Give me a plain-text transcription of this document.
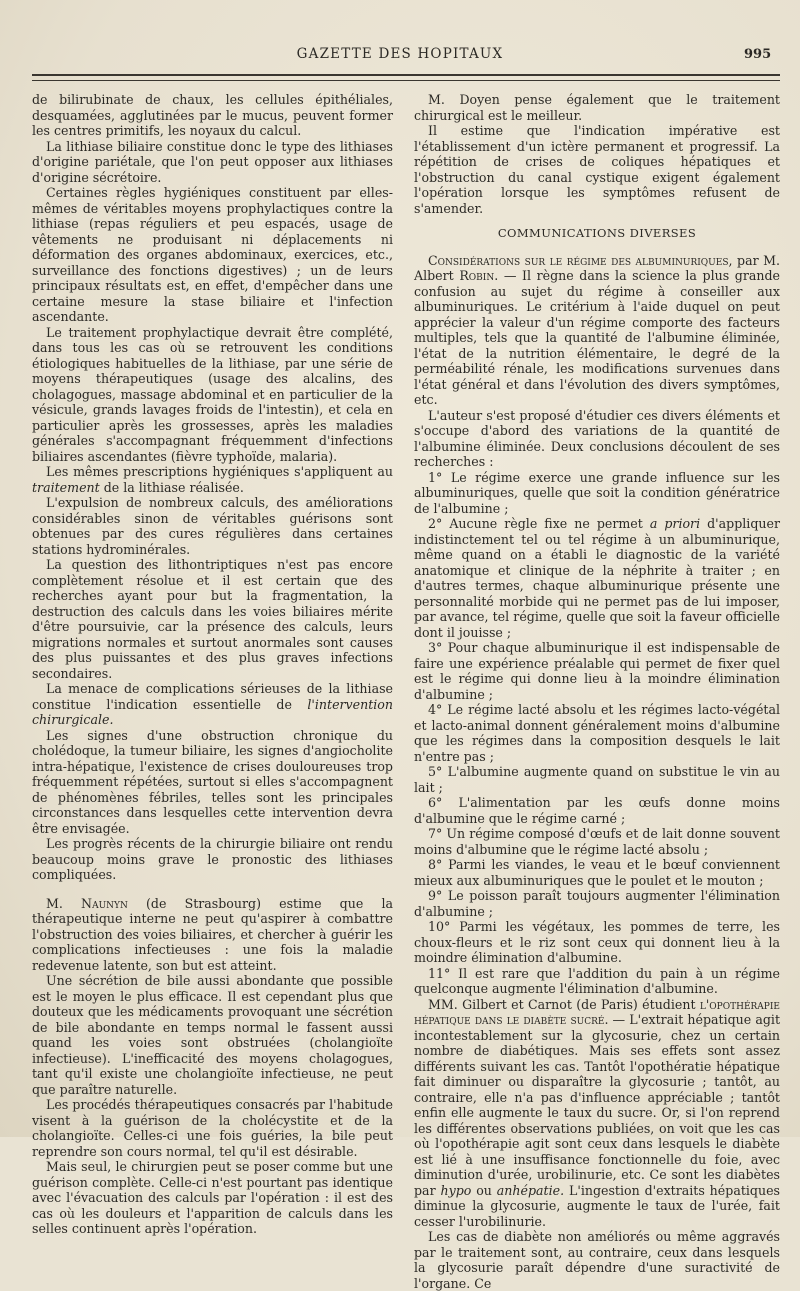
GAZETTE DES HOPITAUX	995

de bilirubinate de chaux, les cellules épithéliales, desquamées, agglutinées par le mucus, peuvent former les centres primitifs, les noyaux du calcul.

La lithiase biliaire constitue donc le type des lithiases d'origine pariétale, que l'on peut opposer aux lithiases d'origine sécrétoire.

Certaines règles hygiéniques constituent par elles-mêmes de véritables moyens prophylactiques contre la lithiase (repas réguliers et peu espacés, usage de vêtements ne produisant ni déplacements ni déformation des organes abdominaux, exercices, etc., surveillance des fonctions digestives) ; un de leurs principaux résultats est, en effet, d'empêcher dans une certaine mesure la stase biliaire et l'infection ascendante.

Le traitement prophylactique devrait être complété, dans tous les cas où se retrouvent les conditions étiologiques habituelles de la lithiase, par une série de moyens thérapeutiques (usage des alcalins, des cholagogues, massage abdominal et en particulier de la vésicule, grands lavages froids de l'intestin), et cela en particulier après les grossesses, après les maladies générales s'accompagnant fréquemment d'infections biliaires ascendantes (fièvre typhoïde, malaria).

Les mêmes prescriptions hygiéniques s'appliquent au traitement de la lithiase réalisée.

L'expulsion de nombreux calculs, des améliorations considérables sinon de véritables guérisons sont obtenues par des cures régulières dans certaines stations hydrominérales.

La question des lithontriptiques n'est pas encore complètement résolue et il est certain que des recherches ayant pour but la fragmentation, la destruction des calculs dans les voies biliaires mérite d'être poursuivie, car la présence des calculs, leurs migrations normales et surtout anormales sont causes des plus puissantes et des plus graves infections secondaires.

La menace de complications sérieuses de la lithiase constitue l'indication essentielle de l'intervention chirurgicale.

Les signes d'une obstruction chronique du cholédoque, la tumeur biliaire, les signes d'angiocholite intra-hépatique, l'existence de crises douloureuses trop fréquemment répétées, surtout si elles s'accompagnent de phénomènes fébriles, telles sont les principales circonstances dans lesquelles cette intervention devra être envisagée.

Les progrès récents de la chirurgie biliaire ont rendu beaucoup moins grave le pronostic des lithiases compliquées.

M. Naunyn (de Strasbourg) estime que la thérapeutique interne ne peut qu'aspirer à combattre l'obstruction des voies biliaires, et chercher à guérir les complications infectieuses : une fois la maladie redevenue latente, son but est atteint.

Une sécrétion de bile aussi abondante que possible est le moyen le plus efficace. Il est cependant plus que douteux que les médicaments provoquant une sécrétion de bile abondante en temps normal le fassent aussi quand les voies sont obstruées (cholangioïte infectieuse). L'inefficacité des moyens cholagogues, tant qu'il existe une cholangioïte infectieuse, ne peut que paraître naturelle.

Les procédés thérapeutiques consacrés par l'habitude visent à la guérison de la cholécystite et de la cholangioïte. Celles-ci une fois guéries, la bile peut reprendre son cours normal, tel qu'il est désirable.

Mais seul, le chirurgien peut se poser comme but une guérison complète. Celle-ci n'est pourtant pas identique avec l'évacuation des calculs par l'opération : il est des cas où les douleurs et l'apparition de calculs dans les selles continuent après l'opération.

M. Doyen pense également que le traitement chirurgical est le meilleur.

Il estime que l'indication impérative est l'établissement d'un ictère permanent et progressif. La répétition de crises de coliques hépatiques et l'obstruction du canal cystique exigent également l'opération lorsque les symptômes refusent de s'amender.

COMMUNICATIONS DIVERSES

Considérations sur le régime des albuminuriques, par M. Albert Robin. — Il règne dans la science la plus grande confusion au sujet du régime à conseiller aux albuminuriques. Le critérium à l'aide duquel on peut apprécier la valeur d'un régime comporte des facteurs multiples, tels que la quantité de l'albumine éliminée, l'état de la nutrition élémentaire, le degré de la perméabilité rénale, les modifications survenues dans l'état général et dans l'évolution des divers symptômes, etc.

L'auteur s'est proposé d'étudier ces divers éléments et s'occupe d'abord des variations de la quantité de l'albumine éliminée. Deux conclusions découlent de ses recherches :

1° Le régime exerce une grande influence sur les albuminuriques, quelle que soit la condition génératrice de l'albumine ;

2° Aucune règle fixe ne permet a priori d'appliquer indistinctement tel ou tel régime à un albuminurique, même quand on a établi le diagnostic de la variété anatomique et clinique de la néphrite à traiter ; en d'autres termes, chaque albuminurique présente une personnalité morbide qui ne permet pas de lui imposer, par avance, tel régime, quelle que soit la faveur officielle dont il jouisse ;

3° Pour chaque albuminurique il est indispensable de faire une expérience préalable qui permet de fixer quel est le régime qui donne lieu à la moindre élimination d'albumine ;

4° Le régime lacté absolu et les régimes lacto-végétal et lacto-animal donnent généralement moins d'albumine que les régimes dans la composition desquels le lait n'entre pas ;

5° L'albumine augmente quand on substitue le vin au lait ;

6° L'alimentation par les œufs donne moins d'albumine que le régime carné ;

7° Un régime composé d'œufs et de lait donne souvent moins d'albumine que le régime lacté absolu ;

8° Parmi les viandes, le veau et le bœuf conviennent mieux aux albuminuriques que le poulet et le mouton ;

9° Le poisson paraît toujours augmenter l'élimination d'albumine ;

10° Parmi les végétaux, les pommes de terre, les choux-fleurs et le riz sont ceux qui donnent lieu à la moindre élimination d'albumine.

11° Il est rare que l'addition du pain à un régime quelconque augmente l'élimination d'albumine.

MM. Gilbert et Carnot (de Paris) étudient l'opothérapie hépatique dans le diabète sucré. — L'extrait hépatique agit incontestablement sur la glycosurie, chez un certain nombre de diabétiques. Mais ses effets sont assez différents suivant les cas. Tantôt l'opothératie hépatique fait diminuer ou disparaître la glycosurie ; tantôt, au contraire, elle n'a pas d'influence appréciable ; tantôt enfin elle augmente le taux du sucre. Or, si l'on reprend les différentes observations publiées, on voit que les cas où l'opothérapie agit sont ceux dans lesquels le diabète est lié à une insuffisance fonctionnelle du foie, avec diminution d'urée, urobilinurie, etc. Ce sont les diabètes par hypo ou anhépatie. L'ingestion d'extraits hépatiques diminue la glycosurie, augmente le taux de l'urée, fait cesser l'urobilinurie.

Les cas de diabète non améliorés ou même aggravés par le traitement sont, au contraire, ceux dans lesquels la glycosurie paraît dépendre d'une suractivité de l'organe. Ce
